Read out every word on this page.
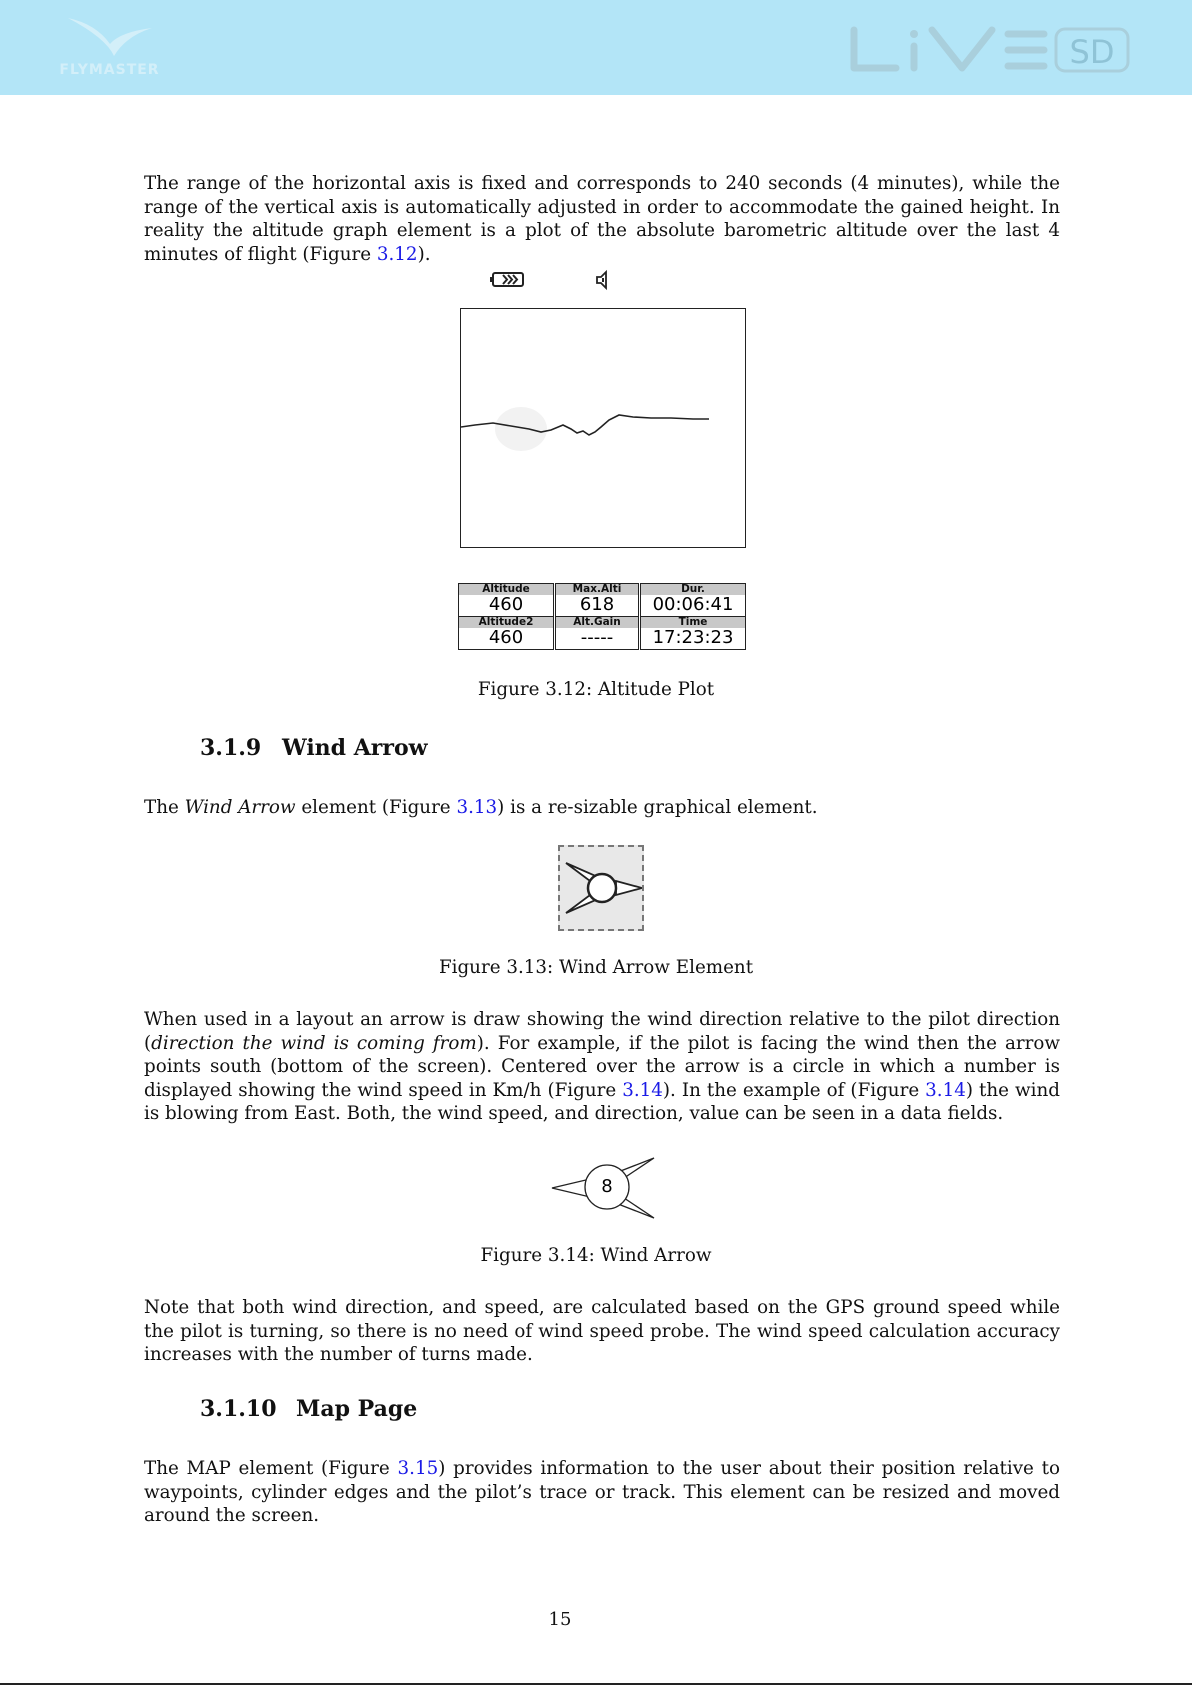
FLYMASTER	SD

The range of the horizontal axis is fixed and corresponds to 240 seconds (4 minutes), while the range of the vertical axis is automatically adjusted in order to accommodate the gained height. In reality the altitude graph element is a plot of the absolute barometric altitude over the last 4 minutes of flight (Figure 3.12).

Altitude
460
Max.Alti
618
Dur.
00:06:41
Altitude2
460
Alt.Gain
-----
Time
17:23:23

Figure 3.12: Altitude Plot

3.1.9 Wind Arrow

The Wind Arrow element (Figure 3.13) is a re-sizable graphical element.

Figure 3.13: Wind Arrow Element

When used in a layout an arrow is draw showing the wind direction relative to the pilot direction (direction the wind is coming from). For example, if the pilot is facing the wind then the arrow points south (bottom of the screen). Centered over the arrow is a circle in which a number is displayed showing the wind speed in Km/h (Figure 3.14). In the example of (Figure 3.14) the wind is blowing from East. Both, the wind speed, and direction, value can be seen in a data fields.

8

Figure 3.14: Wind Arrow

Note that both wind direction, and speed, are calculated based on the GPS ground speed while the pilot is turning, so there is no need of wind speed probe. The wind speed calculation accuracy increases with the number of turns made.

3.1.10 Map Page

The MAP element (Figure 3.15) provides information to the user about their position relative to waypoints, cylinder edges and the pilot’s trace or track. This element can be resized and moved around the screen.

15
